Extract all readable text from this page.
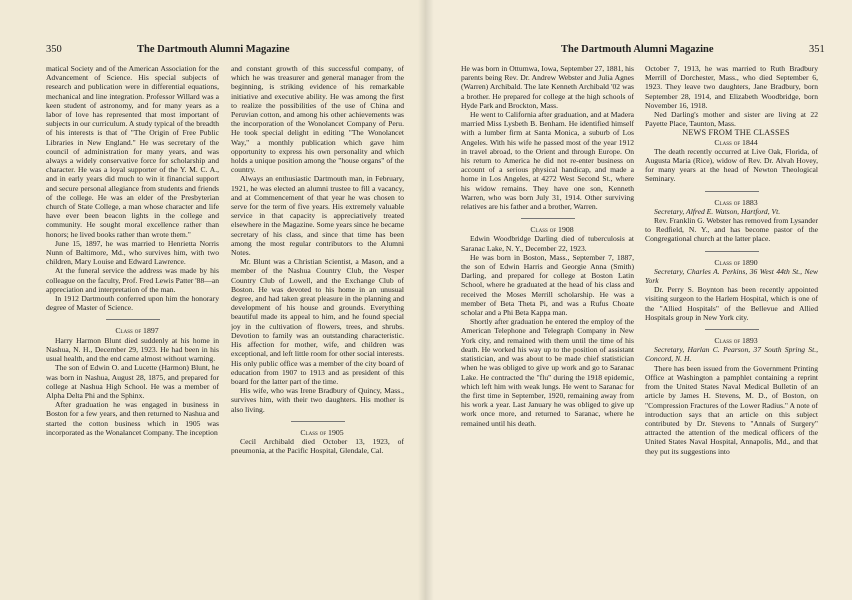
350	The Dartmouth Alumni Magazine

matical Society and of the American Association for the Advancement of Science. His special subjects of research and publication were in differential equations, mechanical and line integration. Professor Willard was a keen student of astronomy, and for many years as a labor of love has represented that most important of subjects in our curriculum. A study typical of the breadth of his interests is that of "The Origin of Free Public Libraries in New England." He was secretary of the council of administration for many years, and was always a widely conservative force for scholarship and character. He was a loyal supporter of the Y. M. C. A., and in early years did much to win it financial support and secure personal allegiance from students and friends of the college. He was an elder of the Presbyterian church of State College, a man whose character and life have ever been beacon lights in the college and community. He sought moral excellence rather than honors; he lived books rather than wrote them."

June 15, 1897, he was married to Henrietta Norris Nunn of Baltimore, Md., who survives him, with two children, Mary Louise and Edward Lawrence.

At the funeral service the address was made by his colleague on the faculty, Prof. Fred Lewis Patter '88—an appreciation and interpretation of the man.

In 1912 Dartmouth conferred upon him the honorary degree of Master of Science.

Class of 1897

Harry Harmon Blunt died suddenly at his home in Nashua, N. H., December 29, 1923. He had been in his usual health, and the end came almost without warning.

The son of Edwin O. and Lucette (Harmon) Blunt, he was born in Nashua, August 28, 1875, and prepared for college at Nashua High School. He was a member of Alpha Delta Phi and the Sphinx.

After graduation he was engaged in business in Boston for a few years, and then returned to Nashua and started the cotton business which in 1905 was incorporated as the Wonalancet Company. The inception

and constant growth of this successful company, of which he was treasurer and general manager from the beginning, is striking evidence of his remarkable initiative and executive ability. He was among the first to realize the possibilities of the use of China and Peruvian cotton, and among his other achievements was the incorporation of the Wonolancet Company of Peru. He took special delight in editing "The Wonolancet Way," a monthly publication which gave him opportunity to express his own personality and which holds a unique position among the "house organs" of the country.

Always an enthusiastic Dartmouth man, in February, 1921, he was elected an alumni trustee to fill a vacancy, and at Commencement of that year he was chosen to serve for the term of five years. His extremely valuable service in that capacity is appreciatively treated elsewhere in the Magazine. Some years since he became secretary of his class, and since that time has been among the most regular contributors to the Alumni Notes.

Mr. Blunt was a Christian Scientist, a Mason, and a member of the Nashua Country Club, the Vesper Country Club of Lowell, and the Exchange Club of Boston. He was devoted to his home in an unusual degree, and had taken great pleasure in the planning and development of his house and grounds. Everything beautiful made its appeal to him, and he found special joy in the cultivation of flowers, trees, and shrubs. Devotion to family was an outstanding characteristic. His affection for mother, wife, and children was exceptional, and left little room for other social interests. His only public office was a member of the city board of education from 1907 to 1913 and as president of this board for the latter part of the time.

His wife, who was Irene Bradbury of Quincy, Mass., survives him, with their two daughters. His mother is also living.

Class of 1905

Cecil Archibald died October 13, 1923, of pneumonia, at the Pacific Hospital, Glendale, Cal.

The Dartmouth Alumni Magazine	351

He was born in Ottumwa, Iowa, September 27, 1881, his parents being Rev. Dr. Andrew Webster and Julia Agnes (Warren) Archibald. The late Kenneth Archibald '02 was a brother. He prepared for college at the high schools of Hyde Park and Brockton, Mass.

He went to California after graduation, and at Madera married Miss Lysbeth B. Benham. He identified himself with a lumber firm at Santa Monica, a suburb of Los Angeles. With his wife he passed most of the year 1912 in travel abroad, to the Orient and through Europe. On his return to America he did not re-enter business on account of a serious physical handicap, and made a home in Los Angeles, at 4272 West Second St., where his widow remains. They have one son, Kenneth Warren, who was born July 31, 1914. Other surviving relatives are his father and a brother, Warren.

Class of 1908

Edwin Woodbridge Darling died of tuberculosis at Saranac Lake, N. Y., December 22, 1923.

He was born in Boston, Mass., September 7, 1887, the son of Edwin Harris and Georgie Anna (Smith) Darling, and prepared for college at Boston Latin School, where he graduated at the head of his class and received the Moses Merrill scholarship. He was a member of Beta Theta Pi, and was a Rufus Choate scholar and a Phi Beta Kappa man.

Shortly after graduation he entered the employ of the American Telephone and Telegraph Company in New York city, and remained with them until the time of his death. He worked his way up to the position of assistant statistician, and was about to be made chief statistician when he was obliged to give up work and go to Saranac Lake. He contracted the "flu" during the 1918 epidemic, which left him with weak lungs. He went to Saranac for the first time in September, 1920, remaining away from his work a year. Last January he was obliged to give up work once more, and returned to Saranac, where he remained until his death.

October 7, 1913, he was married to Ruth Bradbury Merrill of Dorchester, Mass., who died September 6, 1923. They leave two daughters, Jane Bradbury, born September 28, 1914, and Elizabeth Woodbridge, born November 16, 1918.

Ned Darling's mother and sister are living at 22 Payette Place, Taunton, Mass.

NEWS FROM THE CLASSES

Class of 1844

The death recently occurred at Live Oak, Florida, of Augusta Maria (Rice), widow of Rev. Dr. Alvah Hovey, for many years at the head of Newton Theological Seminary.

Class of 1883

Secretary, Alfred E. Watson, Hartford, Vt.

Rev. Franklin G. Webster has removed from Lysander to Redfield, N. Y., and has become pastor of the Congregational church at the latter place.

Class of 1890

Secretary, Charles A. Perkins, 36 West 44th St., New York

Dr. Perry S. Boynton has been recently appointed visiting surgeon to the Harlem Hospital, which is one of the "Allied Hospitals" of the Bellevue and Allied Hospitals group in New York city.

Class of 1893

Secretary, Harlan C. Pearson, 37 South Spring St., Concord, N. H.

There has been issued from the Government Printing Office at Washington a pamphlet containing a reprint from the United States Naval Medical Bulletin of an article by James H. Stevens, M. D., of Boston, on "Compression Fractures of the Lower Radius." A note of introduction says that an article on this subject contributed by Dr. Stevens to "Annals of Surgery" attracted the attention of the medical officers of the United States Naval Hospital, Annapolis, Md., and that they put its suggestions into
